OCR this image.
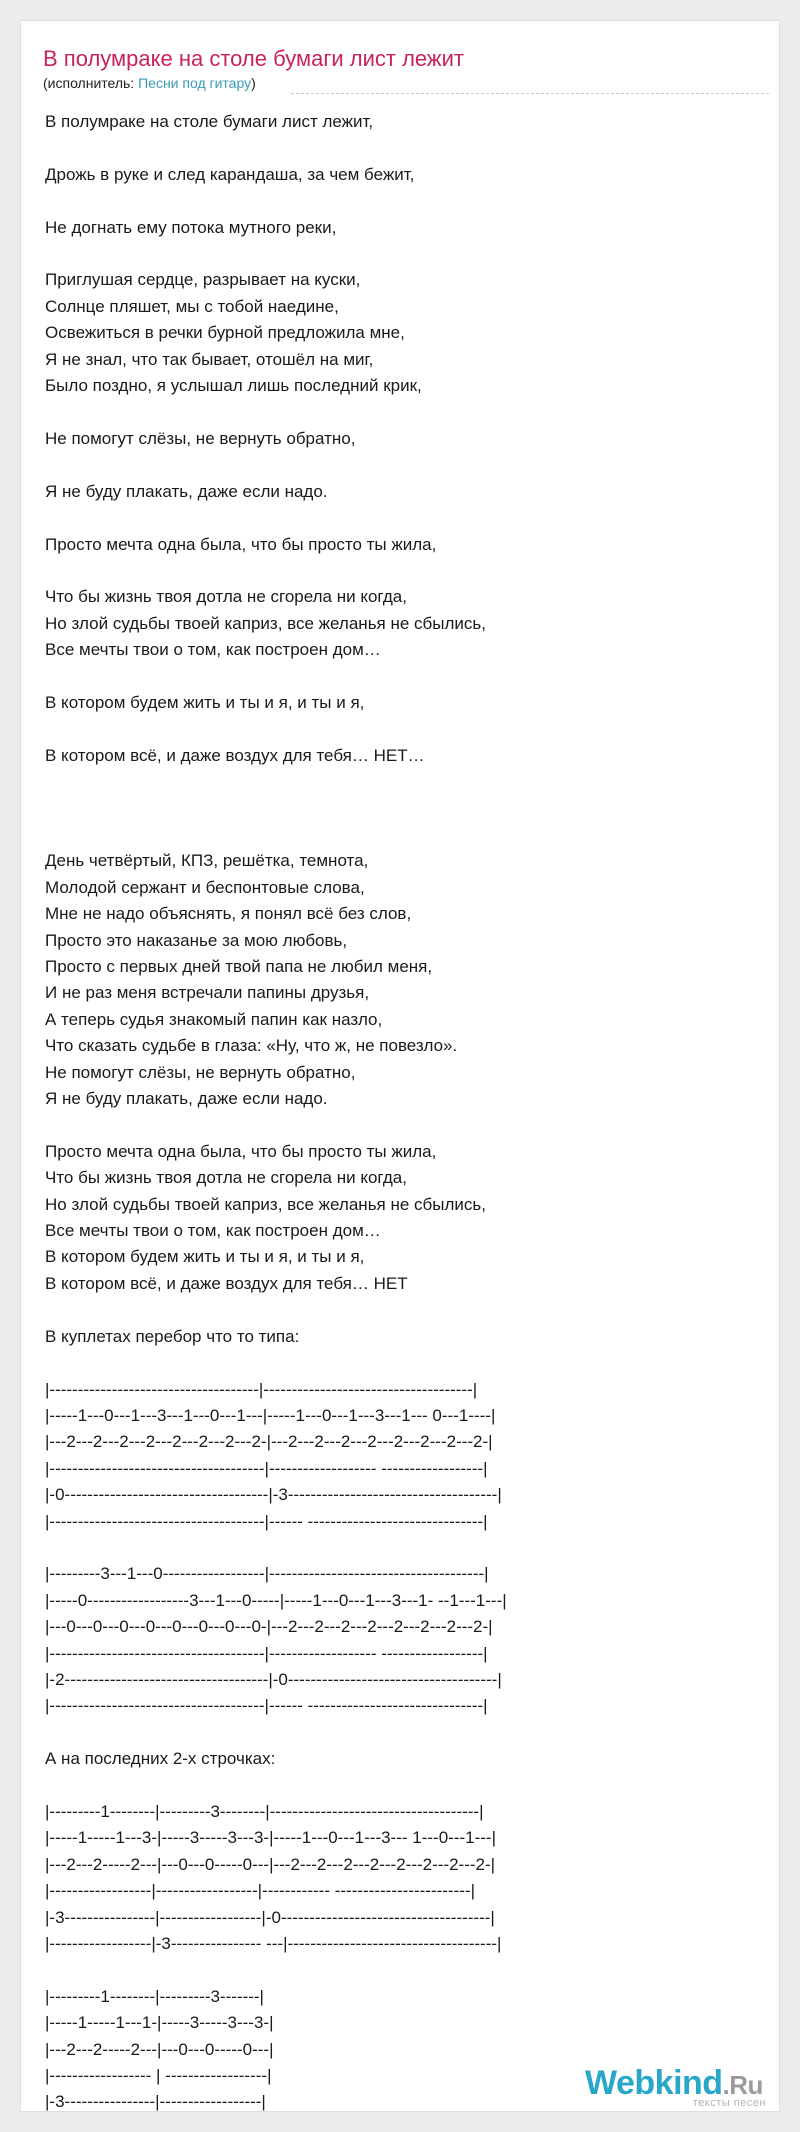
В полумраке на столе бумаги лист лежит
(исполнитель: Песни под гитару)
В полумраке на столе бумаги лист лежит,

Дрожь в руке и след карандаша, за чем бежит,

Не догнать ему потока мутного реки,

Приглушая сердце, разрывает на куски,
Солнце пляшет, мы с тобой наедине,
Освежиться в речки бурной предложила мне,
Я не знал, что так бывает, отошёл на миг,
Было поздно, я услышал лишь последний крик,

Не помогут слёзы, не вернуть обратно,

Я не буду плакать, даже если надо.

Просто мечта одна была, что бы просто ты жила,

Что бы жизнь твоя дотла не сгорела ни когда,
Но злой судьбы твоей каприз, все желанья не сбылись,
Все мечты твои о том, как построен дом…

В котором будем жить и ты и я, и ты и я,

В котором всё, и даже воздух для тебя… НЕТ…

День четвёртый, КПЗ, решётка, темнота,
Молодой сержант и беспонтовые слова,
Мне не надо объяснять, я понял всё без слов,
Просто это наказанье за мою любовь,
Просто с первых дней твой папа не любил меня,
И не раз меня встречали папины друзья,
А теперь судья знакомый папин как назло,
Что сказать судьбе в глаза: «Ну, что ж, не повезло».
Не помогут слёзы, не вернуть обратно,
Я не буду плакать, даже если надо.

Просто мечта одна была, что бы просто ты жила,
Что бы жизнь твоя дотла не сгорела ни когда,
Но злой судьбы твоей каприз, все желанья не сбылись,
Все мечты твои о том, как построен дом…
В котором будем жить и ты и я, и ты и я,
В котором всё, и даже воздух для тебя… НЕТ

В куплетах перебор что то типа:

|-------------------------------------|-------------------------------------|
|-----1---0---1---3---1---0---1---|-----1---0---1---3---1--- 0---1----|
|---2---2---2---2---2---2---2---2-|---2---2---2---2---2---2---2---2-|
|--------------------------------------|------------------- ------------------|
|-0------------------------------------|-3-------------------------------------|
|--------------------------------------|------ -------------------------------|

|---------3---1---0------------------|--------------------------------------|
|-----0------------------3---1---0-----|-----1---0---1---3---1- --1---1---|
|---0---0---0---0---0---0---0---0-|---2---2---2---2---2---2---2---2-|
|--------------------------------------|------------------- ------------------|
|-2------------------------------------|-0-------------------------------------|
|--------------------------------------|------ -------------------------------|

А на последних 2-х строчках:

|---------1--------|---------3--------|-------------------------------------|
|-----1-----1---3-|-----3-----3---3-|-----1---0---1---3--- 1---0---1---|
|---2---2-----2---|---0---0-----0---|---2---2---2---2---2---2---2---2-|
|------------------|------------------|------------ ------------------------|
|-3----------------|------------------|-0-------------------------------------|
|------------------|-3---------------- ---|-------------------------------------|

|---------1--------|---------3-------|
|-----1-----1---1-|-----3-----3---3-|
|---2---2-----2---|---0---0-----0---|
|------------------ | ------------------|
|-3----------------|------------------|	Webkind.Ru
тексты песен
